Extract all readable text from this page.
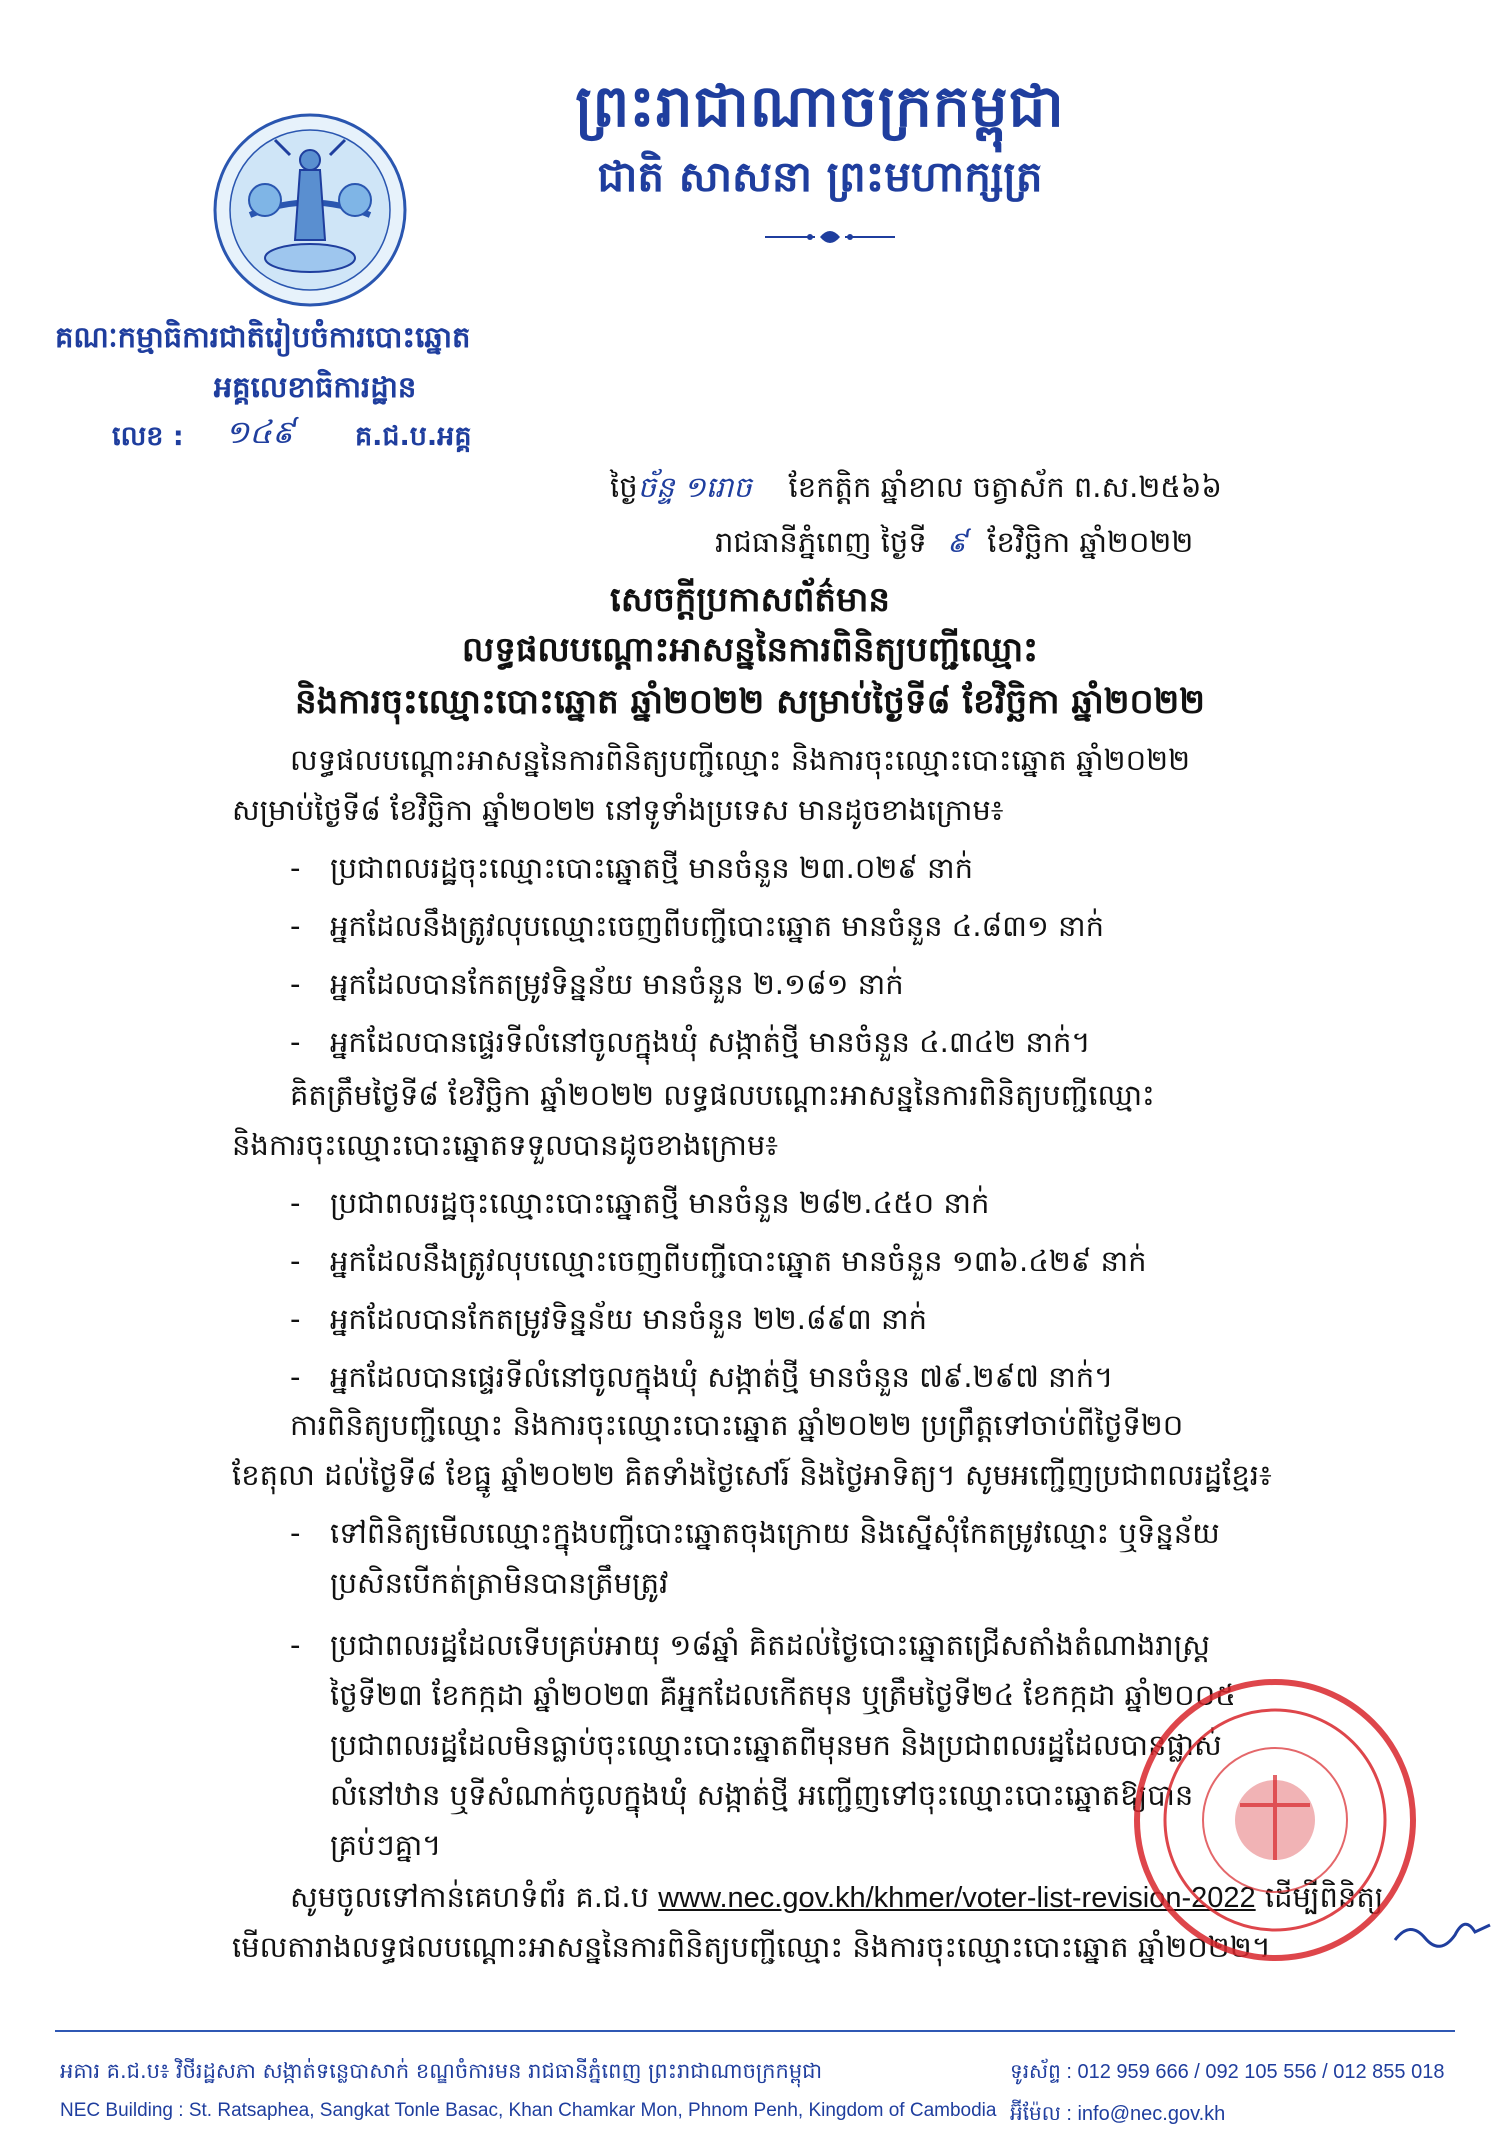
ព្រះរាជាណាចក្រកម្ពុជា
ជាតិ សាសនា ព្រះមហាក្សត្រ
គណៈកម្មាធិការជាតិរៀបចំការបោះឆ្នោត
អគ្គលេខាធិការដ្ឋាន
លេខ : ១៤៩ គ.ជ.ប.អគ្គ
ថ្ងៃច័ន្ទ ១រោច ខែកត្តិក ឆ្នាំខាល ចត្វាស័ក ព.ស.២៥៦៦
រាជធានីភ្នំពេញ ថ្ងៃទី ៩ ខែវិច្ឆិកា ឆ្នាំ២០២២
សេចក្តីប្រកាសព័ត៌មាន
លទ្ធផលបណ្តោះអាសន្ននៃការពិនិត្យបញ្ជីឈ្មោះ
និងការចុះឈ្មោះបោះឆ្នោត ឆ្នាំ២០២២ សម្រាប់ថ្ងៃទី៨ ខែវិច្ឆិកា ឆ្នាំ២០២២
លទ្ធផលបណ្តោះអាសន្ននៃការពិនិត្យបញ្ជីឈ្មោះ និងការចុះឈ្មោះបោះឆ្នោត ឆ្នាំ២០២២
សម្រាប់ថ្ងៃទី៨ ខែវិច្ឆិកា ឆ្នាំ២០២២ នៅទូទាំងប្រទេស មានដូចខាងក្រោម៖
- ប្រជាពលរដ្ឋចុះឈ្មោះបោះឆ្នោតថ្មី មានចំនួន ២៣.០២៩ នាក់
- អ្នកដែលនឹងត្រូវលុបឈ្មោះចេញពីបញ្ជីបោះឆ្នោត មានចំនួន ៤.៨៣១ នាក់
- អ្នកដែលបានកែតម្រូវទិន្នន័យ មានចំនួន ២.១៨១ នាក់
- អ្នកដែលបានផ្ទេរទីលំនៅចូលក្នុងឃុំ សង្កាត់ថ្មី មានចំនួន ៤.៣៤២ នាក់។
គិតត្រឹមថ្ងៃទី៨ ខែវិច្ឆិកា ឆ្នាំ២០២២ លទ្ធផលបណ្តោះអាសន្ននៃការពិនិត្យបញ្ជីឈ្មោះ
និងការចុះឈ្មោះបោះឆ្នោតទទួលបានដូចខាងក្រោម៖
- ប្រជាពលរដ្ឋចុះឈ្មោះបោះឆ្នោតថ្មី មានចំនួន ២៨២.៤៥០ នាក់
- អ្នកដែលនឹងត្រូវលុបឈ្មោះចេញពីបញ្ជីបោះឆ្នោត មានចំនួន ១៣៦.៤២៩ នាក់
- អ្នកដែលបានកែតម្រូវទិន្នន័យ មានចំនួន ២២.៨៩៣ នាក់
- អ្នកដែលបានផ្ទេរទីលំនៅចូលក្នុងឃុំ សង្កាត់ថ្មី មានចំនួន ៧៩.២៩៧ នាក់។
ការពិនិត្យបញ្ជីឈ្មោះ និងការចុះឈ្មោះបោះឆ្នោត ឆ្នាំ២០២២ ប្រព្រឹត្តទៅចាប់ពីថ្ងៃទី២០
ខែតុលា ដល់ថ្ងៃទី៨ ខែធ្នូ ឆ្នាំ២០២២ គិតទាំងថ្ងៃសៅរ៍ និងថ្ងៃអាទិត្យ។ សូមអញ្ជើញប្រជាពលរដ្ឋខ្មែរ៖
- ទៅពិនិត្យមើលឈ្មោះក្នុងបញ្ជីបោះឆ្នោតចុងក្រោយ និងស្នើសុំកែតម្រូវឈ្មោះ ឬទិន្នន័យ
ប្រសិនបើកត់ត្រាមិនបានត្រឹមត្រូវ
- ប្រជាពលរដ្ឋដែលទើបគ្រប់អាយុ ១៨ឆ្នាំ គិតដល់ថ្ងៃបោះឆ្នោតជ្រើសតាំងតំណាងរាស្ត្រ
ថ្ងៃទី២៣ ខែកក្កដា ឆ្នាំ២០២៣ គឺអ្នកដែលកើតមុន ឬត្រឹមថ្ងៃទី២៤ ខែកក្កដា ឆ្នាំ២០០៥
ប្រជាពលរដ្ឋដែលមិនធ្លាប់ចុះឈ្មោះបោះឆ្នោតពីមុនមក និងប្រជាពលរដ្ឋដែលបានផ្លាស់
លំនៅឋាន ឬទីសំណាក់ចូលក្នុងឃុំ សង្កាត់ថ្មី អញ្ជើញទៅចុះឈ្មោះបោះឆ្នោតឱ្យបាន
គ្រប់ៗគ្នា។
សូមចូលទៅកាន់គេហទំព័រ គ.ជ.ប www.nec.gov.kh/khmer/voter-list-revision-2022 ដើម្បីពិនិត្យ
មើលតារាងលទ្ធផលបណ្តោះអាសន្ននៃការពិនិត្យបញ្ជីឈ្មោះ និងការចុះឈ្មោះបោះឆ្នោត ឆ្នាំ២០២២។
អគារ គ.ជ.ប៖ វិថីរដ្ឋសភា សង្កាត់ទន្លេបាសាក់ ខណ្ឌចំការមន រាជធានីភ្នំពេញ ព្រះរាជាណាចក្រកម្ពុជា
NEC Building : St. Ratsaphea, Sangkat Tonle Basac, Khan Chamkar Mon, Phnom Penh, Kingdom of Cambodia
ទូរស័ព្ទ : 012 959 666 / 092 105 556 / 012 855 018
អ៊ីម៉ែល : info@nec.gov.kh
